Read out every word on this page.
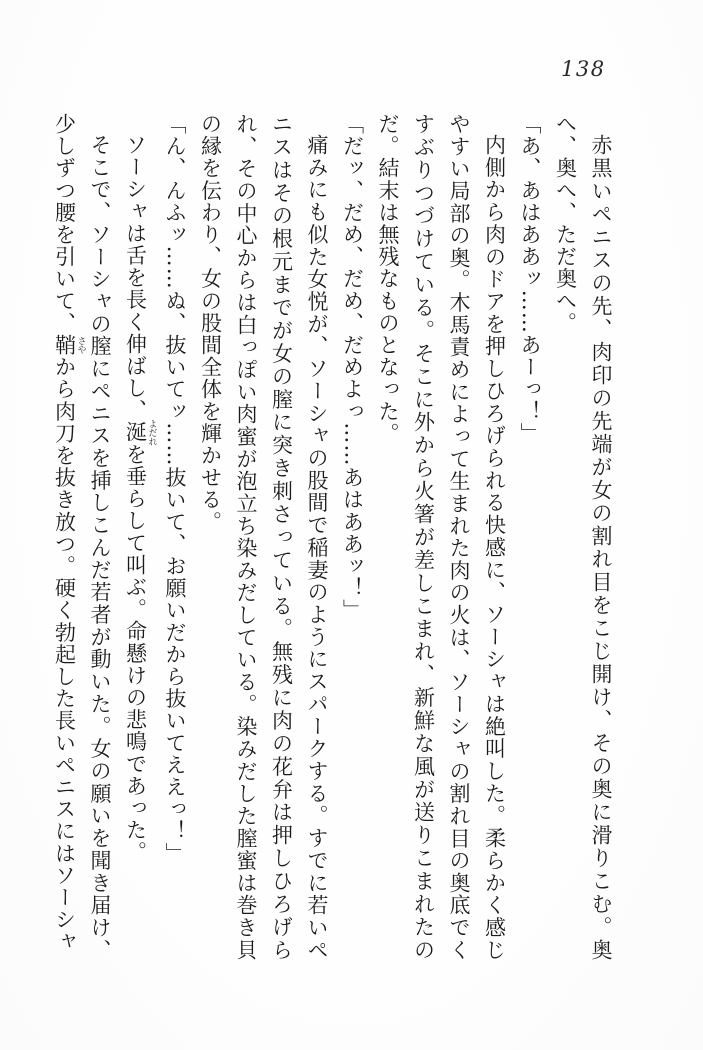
138

赤黒いペニスの先、肉印の先端が女の割れ目をこじ開け、その奥に滑りこむ。奥へ、奥へ、ただ奥へ。

「あ、あはああッ……あーっ！」

内側から肉のドアを押しひろげられる快感に、ソーシャは絶叫した。柔らかく感じやすい局部の奥。木馬責めによって生まれた肉の火は、ソーシャの割れ目の奥底でくすぶりつづけている。そこに外から火箸が差しこまれ、新鮮な風が送りこまれたのだ。結末は無残なものとなった。

「だッ、だめ、だめ、だめよっ……あはああッ！」

痛みにも似た女悦が、ソーシャの股間で稲妻のようにスパークする。すでに若いペニスはその根元までが女の膣に突き刺さっている。無残に肉の花弁は押しひろげられ、その中心からは白っぽい肉蜜が泡立ち染みだしている。染みだした膣蜜は巻き貝の縁を伝わり、女の股間全体を輝かせる。

「ん、んふッ……ぬ、抜いてッ……抜いて、お願いだから抜いてええっ！」

ソーシャは舌を長く伸ばし、涎 よだれを垂らして叫ぶ。命懸けの悲鳴であった。

そこで、ソーシャの膣にペニスを挿しこんだ若者が動いた。女の願いを聞き届け、少しずつ腰を引いて、鞘 さやから肉刀を抜き放つ。硬く勃起した長いペニスにはソーシャ
